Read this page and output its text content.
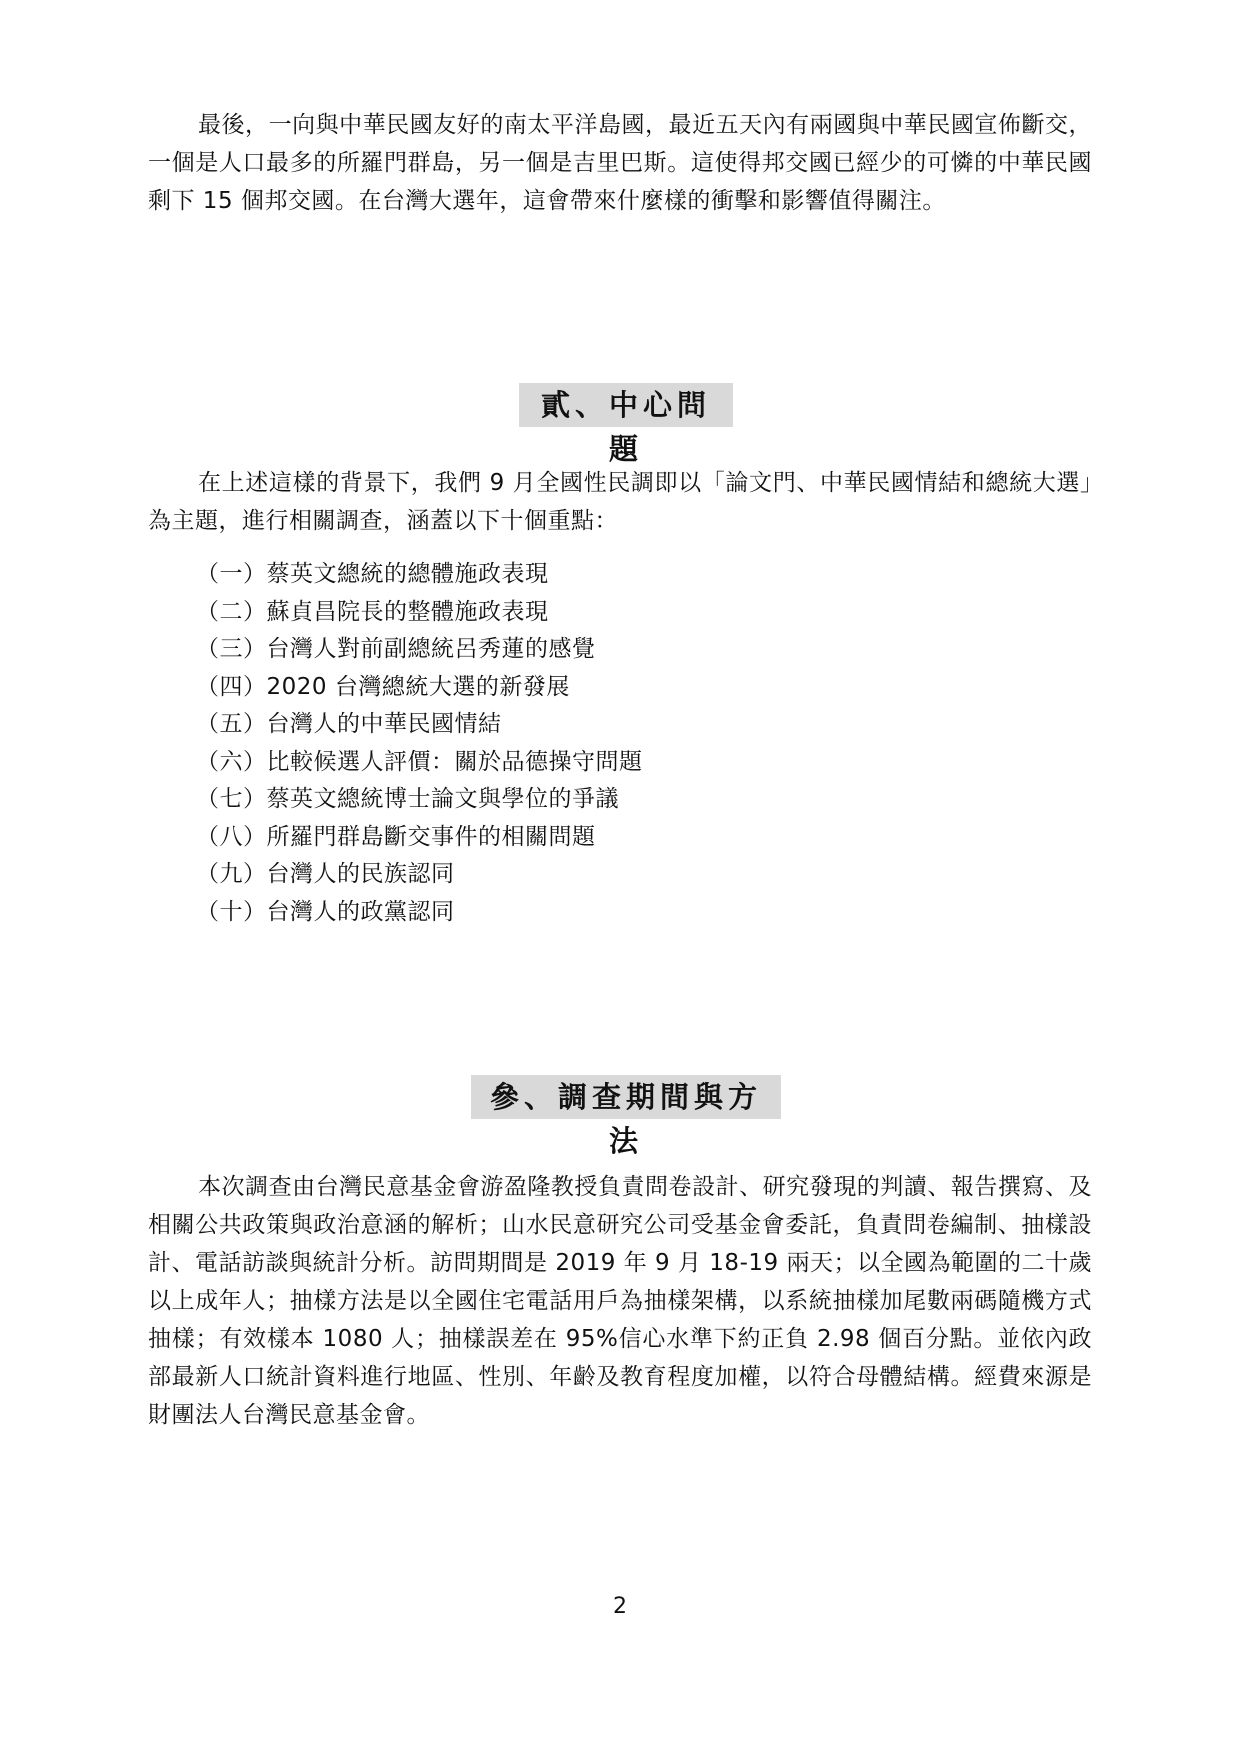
最後，一向與中華民國友好的南太平洋島國，最近五天內有兩國與中華民國宣佈斷交，一個是人口最多的所羅門群島，另一個是吉里巴斯。這使得邦交國已經少的可憐的中華民國剩下 15 個邦交國。在台灣大選年，這會帶來什麼樣的衝擊和影響值得關注。

貳、中心問題

在上述這樣的背景下，我們 9 月全國性民調即以「論文門、中華民國情結和總統大選」為主題，進行相關調查，涵蓋以下十個重點：

（一）蔡英文總統的總體施政表現
（二）蘇貞昌院長的整體施政表現
（三）台灣人對前副總統呂秀蓮的感覺
（四）2020 台灣總統大選的新發展
（五）台灣人的中華民國情結
（六）比較候選人評價：關於品德操守問題
（七）蔡英文總統博士論文與學位的爭議
（八）所羅門群島斷交事件的相關問題
（九）台灣人的民族認同
（十）台灣人的政黨認同
參、調查期間與方法

本次調查由台灣民意基金會游盈隆教授負責問卷設計、研究發現的判讀、報告撰寫、及相關公共政策與政治意涵的解析；山水民意研究公司受基金會委託，負責問卷編制、抽樣設計、電話訪談與統計分析。訪問期間是 2019 年 9 月 18-19 兩天；以全國為範圍的二十歲以上成年人；抽樣方法是以全國住宅電話用戶為抽樣架構，以系統抽樣加尾數兩碼隨機方式抽樣；有效樣本 1080 人；抽樣誤差在 95%信心水準下約正負 2.98 個百分點。並依內政部最新人口統計資料進行地區、性別、年齡及教育程度加權，以符合母體結構。經費來源是財團法人台灣民意基金會。

2
